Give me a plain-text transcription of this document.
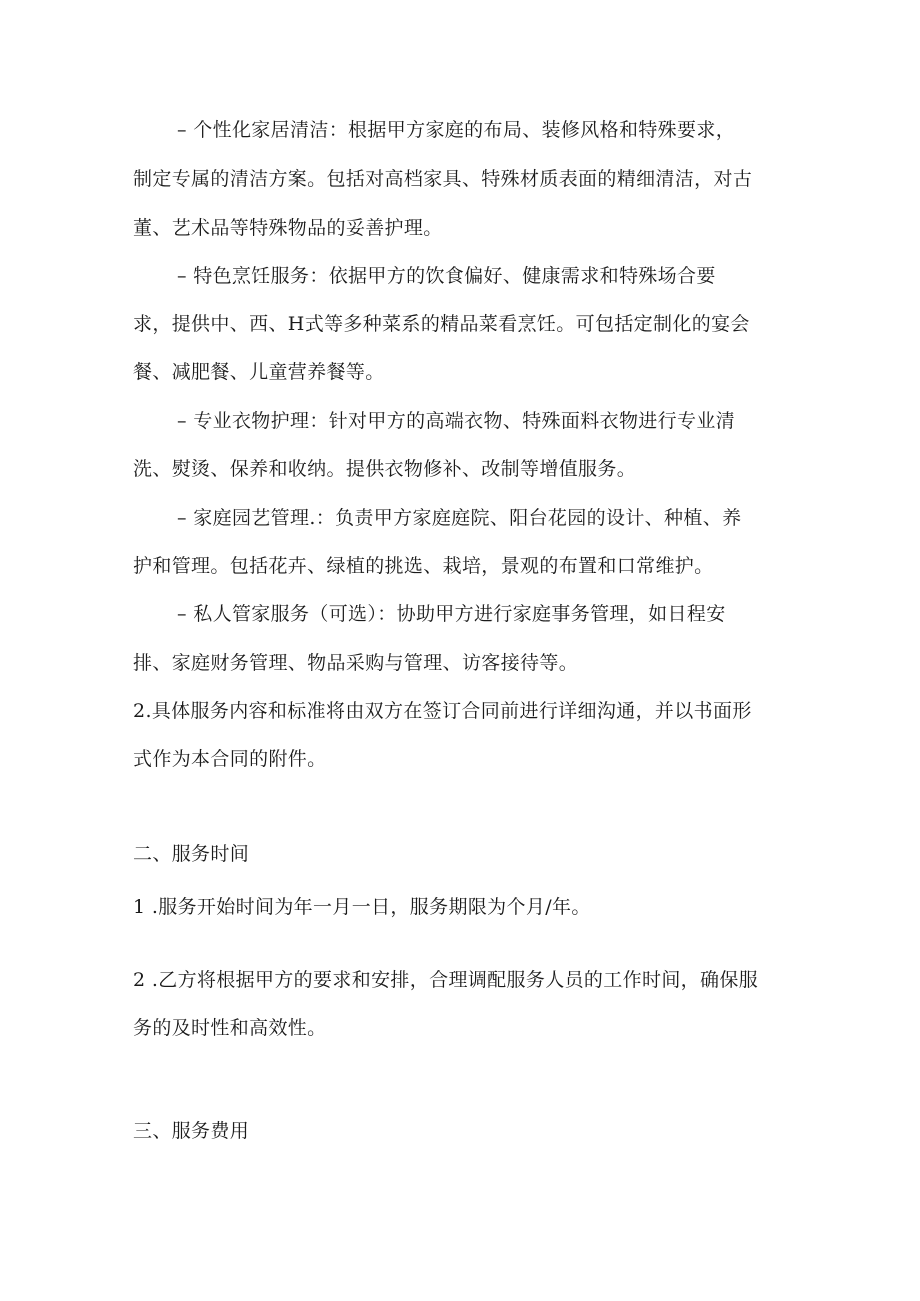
– 个性化家居清洁：根据甲方家庭的布局、装修风格和特殊要求，
制定专属的清洁方案。包括对高档家具、特殊材质表面的精细清洁，对古
董、艺术品等特殊物品的妥善护理。
– 特色烹饪服务：依据甲方的饮食偏好、健康需求和特殊场合要
求，提供中、西、H式等多种菜系的精品菜看烹饪。可包括定制化的宴会
餐、减肥餐、儿童营养餐等。
– 专业衣物护理：针对甲方的高端衣物、特殊面料衣物进行专业清
洗、熨烫、保养和收纳。提供衣物修补、改制等增值服务。
– 家庭园艺管理.：负责甲方家庭庭院、阳台花园的设计、种植、养
护和管理。包括花卉、绿植的挑选、栽培，景观的布置和口常维护。
– 私人管家服务（可选）：协助甲方进行家庭事务管理，如日程安
排、家庭财务管理、物品采购与管理、访客接待等。
2.具体服务内容和标准将由双方在签订合同前进行详细沟通，并以书面形
式作为本合同的附件。
二、服务时间
1 .服务开始时间为年一月一日，服务期限为个月/年。
2 .乙方将根据甲方的要求和安排，合理调配服务人员的工作时间，确保服
务的及时性和高效性。
三、服务费用
